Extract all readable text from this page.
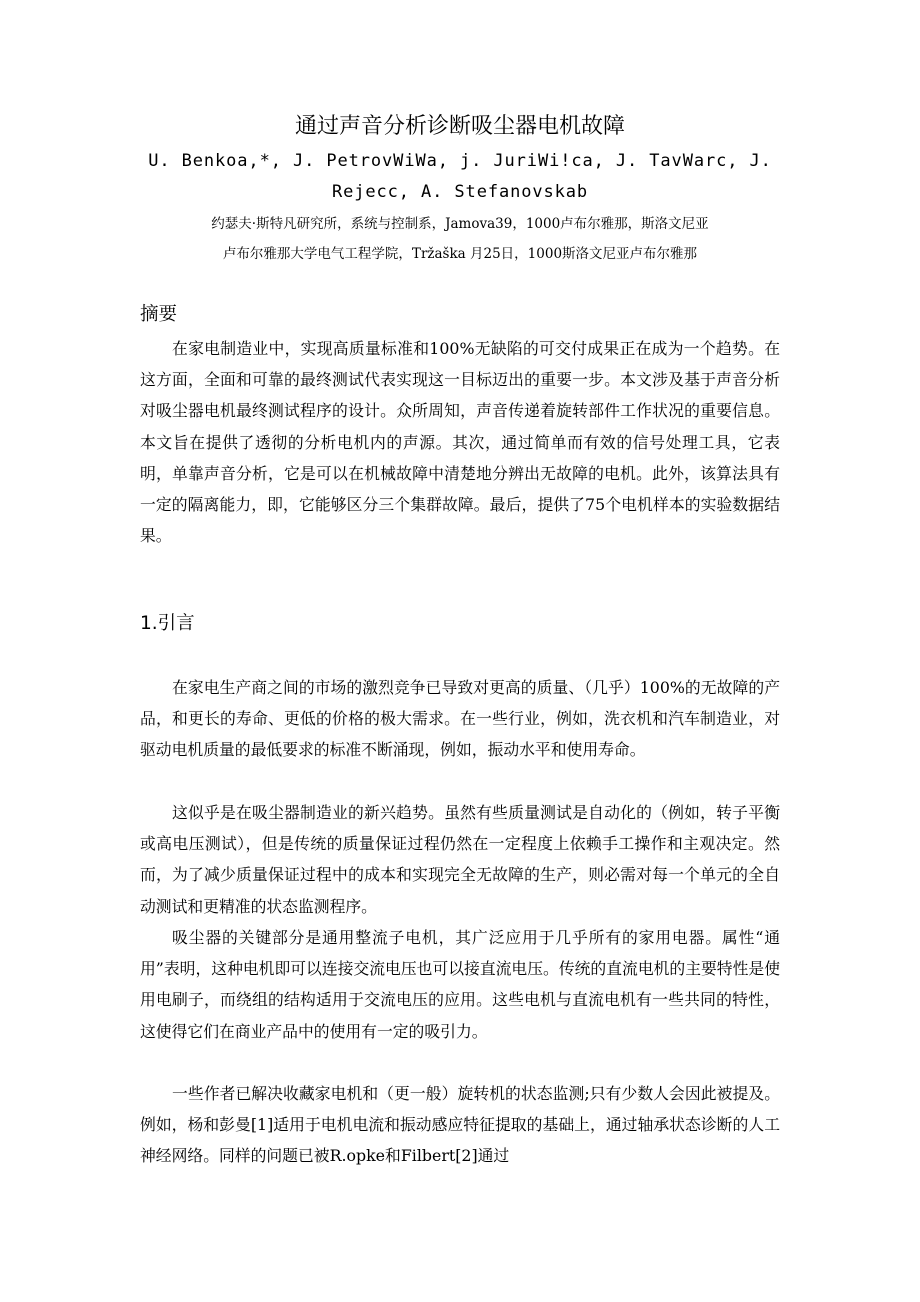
通过声音分析诊断吸尘器电机故障

U. Benkoa,*, J. PetrovWiWa, j. JuriWi!ca, J. TavWarc, J. Rejecc, A. Stefanovskab

约瑟夫·斯特凡研究所，系统与控制系，Jamova39，1000卢布尔雅那，斯洛文尼亚

卢布尔雅那大学电气工程学院，Tržaška 月25日，1000斯洛文尼亚卢布尔雅那

摘要

在家电制造业中，实现高质量标准和100%无缺陷的可交付成果正在成为一个趋势。在这方面，全面和可靠的最终测试代表实现这一目标迈出的重要一步。本文涉及基于声音分析对吸尘器电机最终测试程序的设计。众所周知，声音传递着旋转部件工作状况的重要信息。本文旨在提供了透彻的分析电机内的声源。其次，通过简单而有效的信号处理工具，它表明，单靠声音分析，它是可以在机械故障中清楚地分辨出无故障的电机。此外，该算法具有一定的隔离能力，即，它能够区分三个集群故障。最后，提供了75个电机样本的实验数据结果。

1.引言

在家电生产商之间的市场的激烈竞争已导致对更高的质量、（几乎）100%的无故障的产品，和更长的寿命、更低的价格的极大需求。在一些行业，例如，洗衣机和汽车制造业，对驱动电机质量的最低要求的标准不断涌现，例如，振动水平和使用寿命。

这似乎是在吸尘器制造业的新兴趋势。虽然有些质量测试是自动化的（例如，转子平衡或高电压测试），但是传统的质量保证过程仍然在一定程度上依赖手工操作和主观决定。然而，为了减少质量保证过程中的成本和实现完全无故障的生产，则必需对每一个单元的全自动测试和更精准的状态监测程序。

吸尘器的关键部分是通用整流子电机，其广泛应用于几乎所有的家用电器。属性“通用”表明，这种电机即可以连接交流电压也可以接直流电压。传统的直流电机的主要特性是使用电刷子，而绕组的结构适用于交流电压的应用。这些电机与直流电机有一些共同的特性，这使得它们在商业产品中的使用有一定的吸引力。

一些作者已解决收藏家电机和（更一般）旋转机的状态监测;只有少数人会因此被提及。例如，杨和彭曼[1]适用于电机电流和振动感应特征提取的基础上，通过轴承状态诊断的人工神经网络。同样的问题已被R.opke和Filbert[2]通过
